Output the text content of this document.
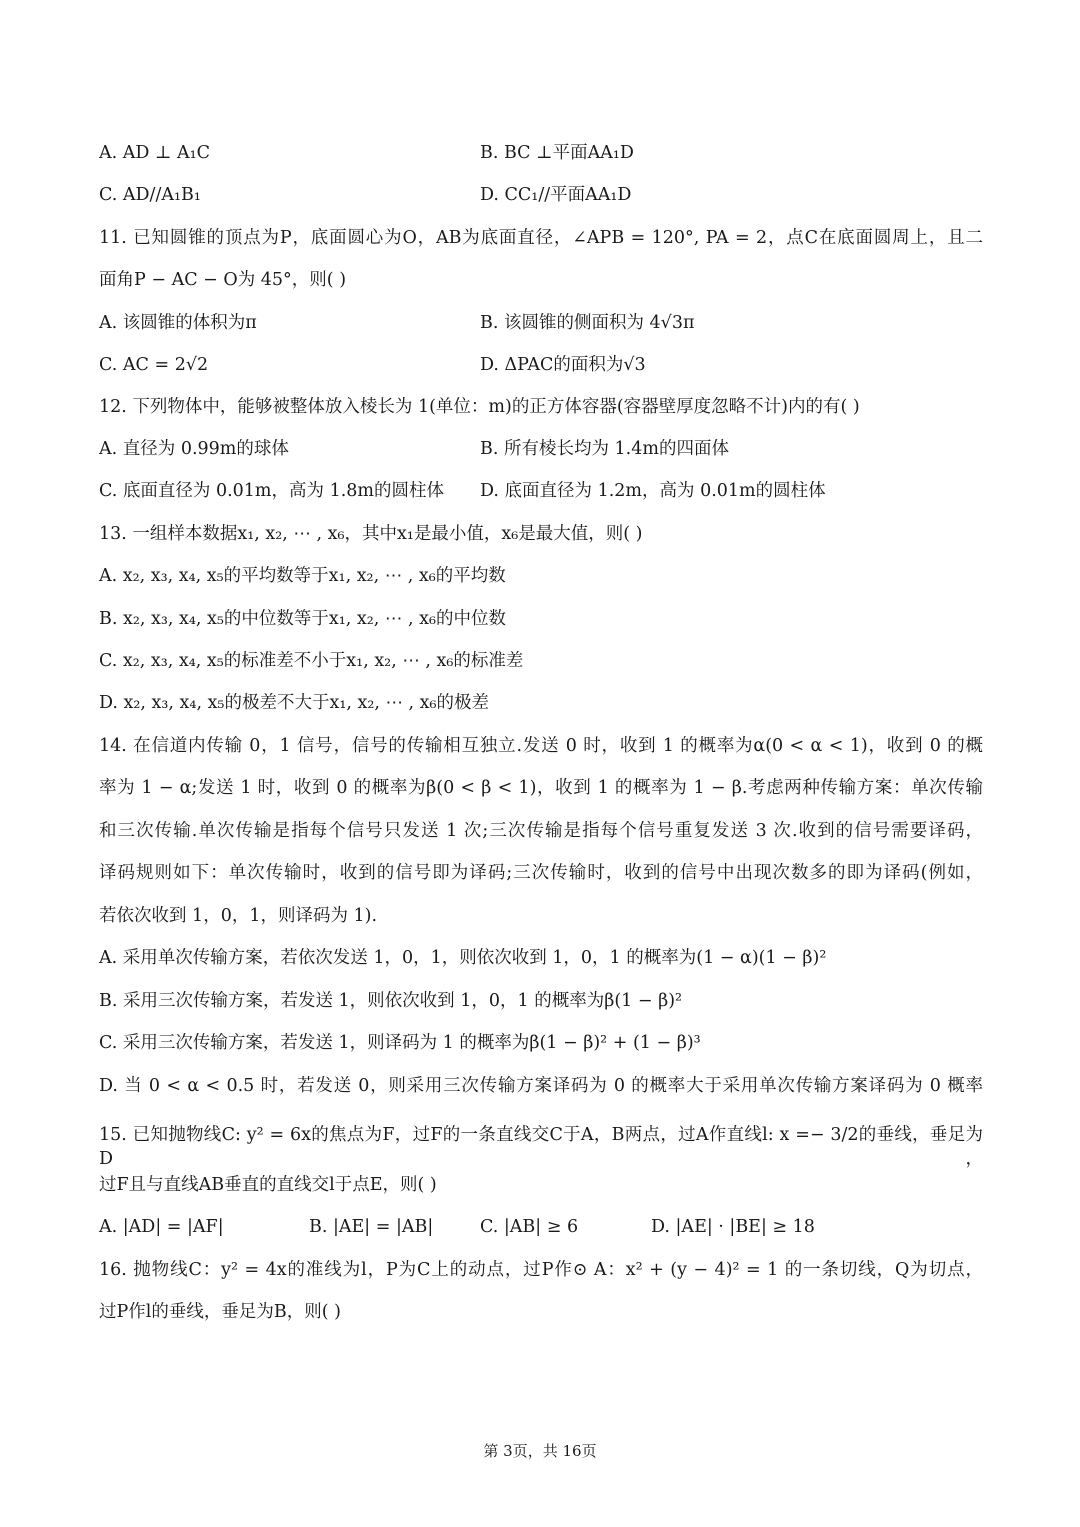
A. AD ⊥ A₁C	B. BC ⊥平面AA₁D
C. AD//A₁B₁	D. CC₁//平面AA₁D
11. 已知圆锥的顶点为P，底面圆心为O，AB为底面直径，∠APB = 120°, PA = 2，点C在底面圆周上，且二
面角P − AC − O为 45°，则( )
A. 该圆锥的体积为π	B. 该圆锥的侧面积为 4√3π
C. AC = 2√2	D. ΔPAC的面积为√3
12. 下列物体中，能够被整体放入棱长为 1(单位：m)的正方体容器(容器壁厚度忽略不计)内的有( )
A. 直径为 0.99m的球体	B. 所有棱长均为 1.4m的四面体
C. 底面直径为 0.01m，高为 1.8m的圆柱体 D. 底面直径为 1.2m，高为 0.01m的圆柱体
13. 一组样本数据x₁, x₂, ⋯ , x₆，其中x₁是最小值，x₆是最大值，则( )
A. x₂, x₃, x₄, x₅的平均数等于x₁, x₂, ⋯ , x₆的平均数
B. x₂, x₃, x₄, x₅的中位数等于x₁, x₂, ⋯ , x₆的中位数
C. x₂, x₃, x₄, x₅的标准差不小于x₁, x₂, ⋯ , x₆的标准差
D. x₂, x₃, x₄, x₅的极差不大于x₁, x₂, ⋯ , x₆的极差
14. 在信道内传输 0，1 信号，信号的传输相互独立.发送 0 时，收到 1 的概率为α(0 < α < 1)，收到 0 的概
率为 1 − α;发送 1 时，收到 0 的概率为β(0 < β < 1)，收到 1 的概率为 1 − β.考虑两种传输方案：单次传输
和三次传输.单次传输是指每个信号只发送 1 次;三次传输是指每个信号重复发送 3 次.收到的信号需要译码，
译码规则如下：单次传输时，收到的信号即为译码;三次传输时，收到的信号中出现次数多的即为译码(例如，
若依次收到 1，0，1，则译码为 1).
A. 采用单次传输方案，若依次发送 1，0，1，则依次收到 1，0，1 的概率为(1 − α)(1 − β)²
B. 采用三次传输方案，若发送 1，则依次收到 1，0，1 的概率为β(1 − β)²
C. 采用三次传输方案，若发送 1，则译码为 1 的概率为β(1 − β)² + (1 − β)³
D. 当 0 < α < 0.5 时，若发送 0，则采用三次传输方案译码为 0 的概率大于采用单次传输方案译码为 0 概率
15. 已知抛物线C: y² = 6x的焦点为F，过F的一条直线交C于A，B两点，过A作直线l: x =− 3/2的垂线，垂足为D，
过F且与直线AB垂直的直线交l于点E，则( )
A. |AD| = |AF|	B. |AE| = |AB|	C. |AB| ≥ 6	D. |AE| · |BE| ≥ 18
16. 抛物线C：y² = 4x的准线为l，P为C上的动点，过P作⊙ A：x² + (y − 4)² = 1 的一条切线，Q为切点，
过P作l的垂线，垂足为B，则( )
第 3页，共 16页
